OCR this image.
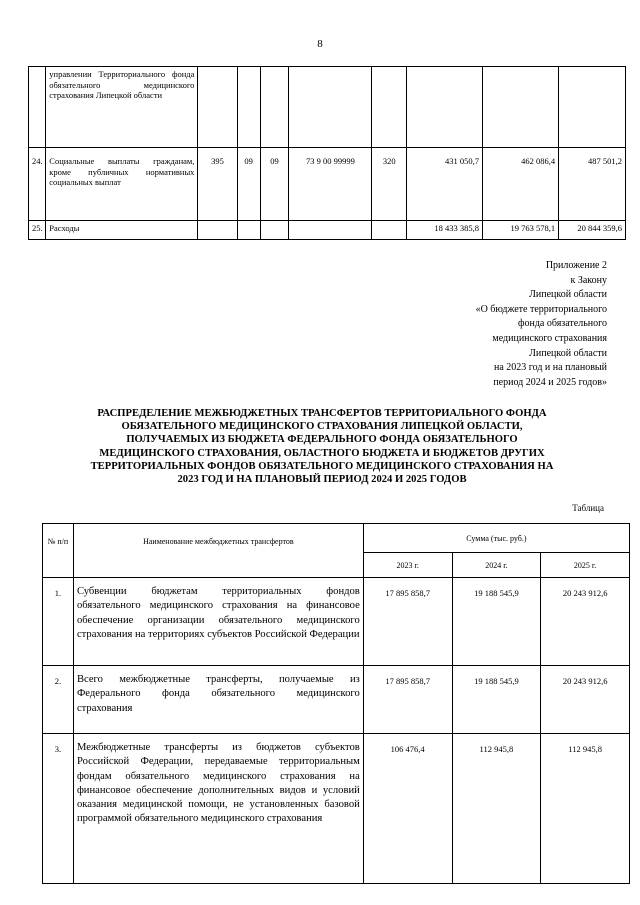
8
	управлении Территориального фонда обязательного медицинского страхования Липецкой области								
24.	Социальные выплаты гражданам, кроме публичных нормативных социальных выплат	395	09	09	73 9 00 99999	320	431 050,7	462 086,4	487 501,2
25.	Расходы						18 433 385,8	19 763 578,1	20 844 359,6
Приложение 2
к Закону
Липецкой области
«О бюджете территориального
фонда обязательного
медицинского страхования
Липецкой области
на 2023 год и на плановый
период 2024 и 2025 годов»
РАСПРЕДЕЛЕНИЕ МЕЖБЮДЖЕТНЫХ ТРАНСФЕРТОВ ТЕРРИТОРИАЛЬНОГО ФОНДА ОБЯЗАТЕЛЬНОГО МЕДИЦИНСКОГО СТРАХОВАНИЯ ЛИПЕЦКОЙ ОБЛАСТИ, ПОЛУЧАЕМЫХ ИЗ БЮДЖЕТА ФЕДЕРАЛЬНОГО ФОНДА ОБЯЗАТЕЛЬНОГО МЕДИЦИНСКОГО СТРАХОВАНИЯ, ОБЛАСТНОГО БЮДЖЕТА И БЮДЖЕТОВ ДРУГИХ ТЕРРИТОРИАЛЬНЫХ ФОНДОВ ОБЯЗАТЕЛЬНОГО МЕДИЦИНСКОГО СТРАХОВАНИЯ НА 2023 ГОД И НА ПЛАНОВЫЙ ПЕРИОД 2024 И 2025 ГОДОВ
Таблица
№ п/п	Наименование межбюджетных трансфертов	Сумма (тыс. руб.)		
		2023 г.	2024 г.	2025 г.
1.	Субвенции бюджетам территориальных фондов обязательного медицинского страхования на финансовое обеспечение организации обязательного медицинского страхования на территориях субъектов Российской Федерации	17 895 858,7	19 188 545,9	20 243 912,6
2.	Всего межбюджетные трансферты, получаемые из Федерального фонда обязательного медицинского страхования	17 895 858,7	19 188 545,9	20 243 912,6
3.	Межбюджетные трансферты из бюджетов субъектов Российской Федерации, передаваемые территориальным фондам обязательного медицинского страхования на финансовое обеспечение дополнительных видов и условий оказания медицинской помощи, не установленных базовой программой обязательного медицинского страхования	106 476,4	112 945,8	112 945,8
